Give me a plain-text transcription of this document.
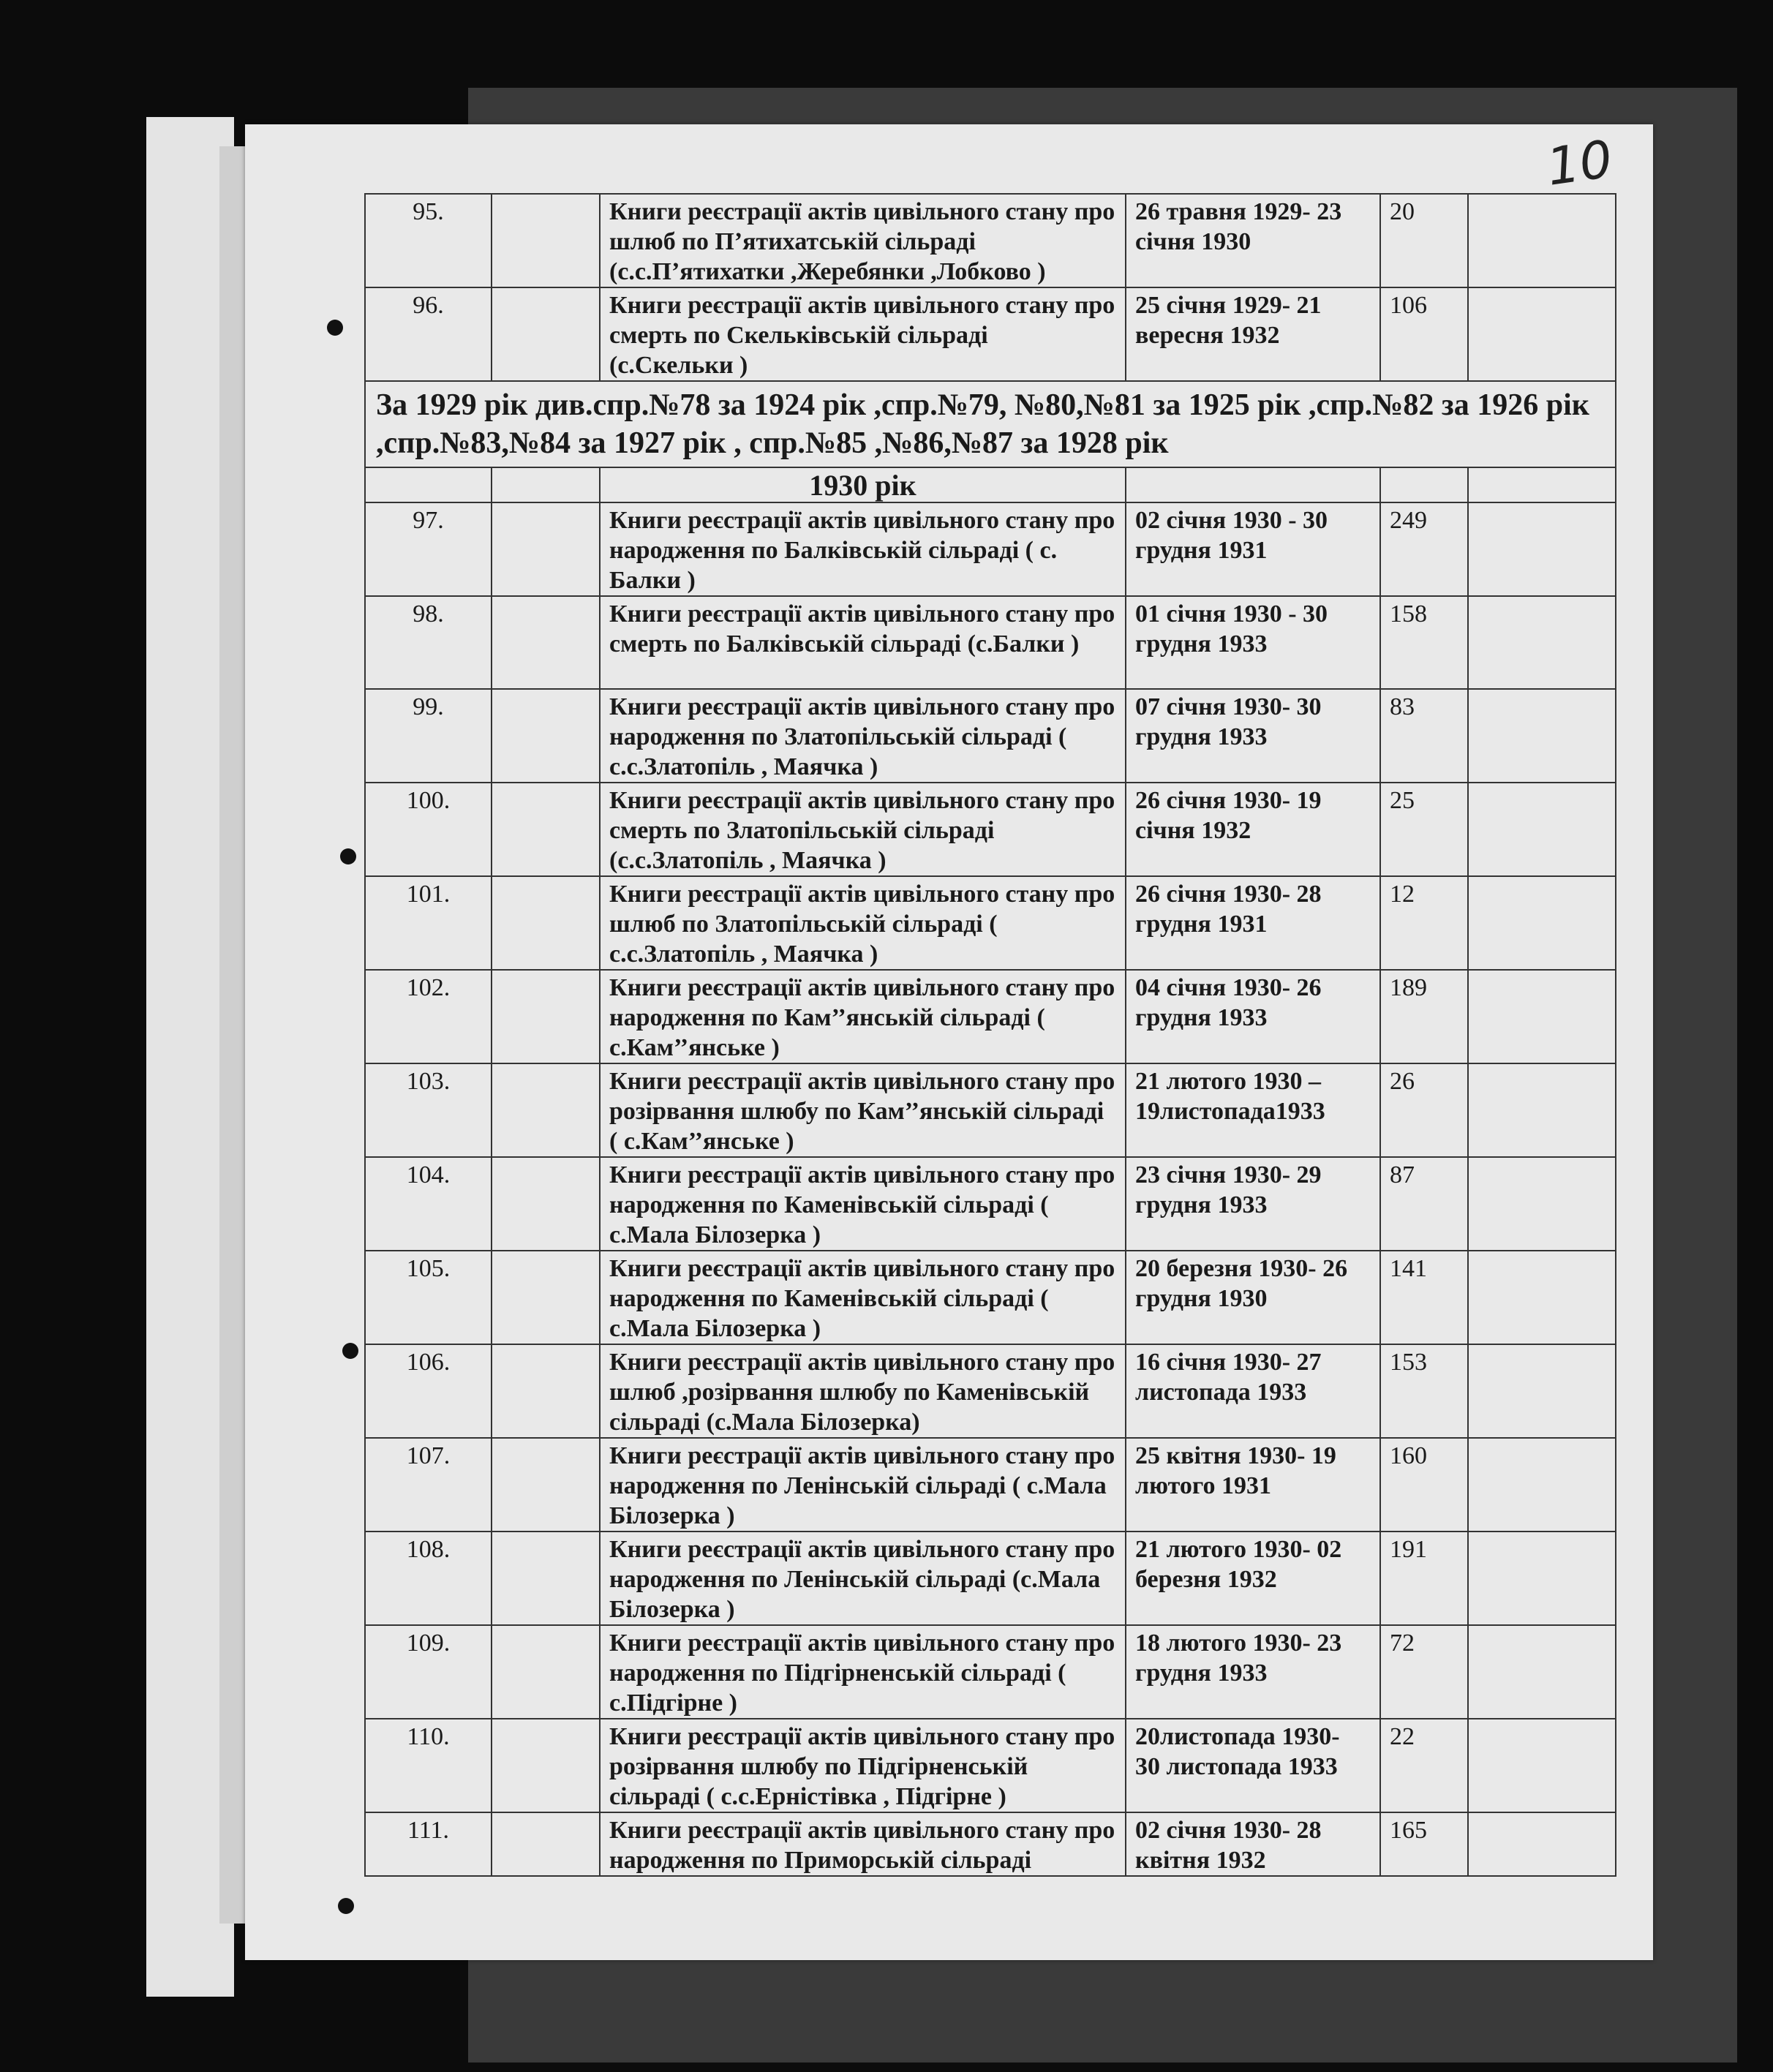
10
95.		Книги реєстрації актів цивільного стану про шлюб по Пʼятихатській сільраді (с.с.Пʼятихатки ,Жеребянки ,Лобково )	26 травня 1929- 23 січня 1930	20	
96.		Книги реєстрації актів цивільного стану про смерть по Скельківській сільраді (с.Скельки )	25 січня 1929- 21 вересня 1932	106	
За 1929 рік див.спр.№78 за 1924 рік ,спр.№79, №80,№81 за 1925 рік ,спр.№82 за 1926 рік ,спр.№83,№84 за 1927 рік , спр.№85 ,№86,№87 за 1928 рік					
		1930 рік			
97.		Книги реєстрації актів цивільного стану про народження по Балківській сільраді ( с. Балки )	02 січня 1930 - 30 грудня 1931	249	
98.		Книги реєстрації актів цивільного стану про смерть по Балківській сільраді (с.Балки )	01 січня 1930 - 30 грудня 1933	158	
99.		Книги реєстрації актів цивільного стану про народження по Златопільській сільраді ( с.с.Златопіль , Маячка )	07 січня 1930- 30 грудня 1933	83	
100.		Книги реєстрації актів цивільного стану про смерть по Златопільській сільраді (с.с.Златопіль , Маячка )	26 січня 1930- 19 січня 1932	25	
101.		Книги реєстрації актів цивільного стану про шлюб по Златопільській сільраді ( с.с.Златопіль , Маячка )	26 січня 1930- 28 грудня 1931	12	
102.		Книги реєстрації актів цивільного стану про народження по Кам’’янській сільраді ( с.Кам’’янське )	04 січня 1930- 26 грудня 1933	189	
103.		Книги реєстрації актів цивільного стану про розірвання шлюбу по Кам’’янській сільраді ( с.Кам’’янське )	21 лютого 1930 – 19листопада1933	26	
104.		Книги реєстрації актів цивільного стану про народження по Каменівській сільраді ( с.Мала Білозерка )	23 січня 1930- 29 грудня 1933	87	
105.		Книги реєстрації актів цивільного стану про народження по Каменівській сільраді ( с.Мала Білозерка )	20 березня 1930- 26 грудня 1930	141	
106.		Книги реєстрації актів цивільного стану про шлюб ,розірвання шлюбу по Каменівській сільраді (с.Мала Білозерка)	16 січня 1930- 27 листопада 1933	153	
107.		Книги реєстрації актів цивільного стану про народження по Ленінській сільраді ( с.Мала Білозерка )	25 квітня 1930- 19 лютого 1931	160	
108.		Книги реєстрації актів цивільного стану про народження по Ленінській сільраді (с.Мала Білозерка )	21 лютого 1930- 02 березня 1932	191	
109.		Книги реєстрації актів цивільного стану про народження по Підгірненській сільраді ( с.Підгірне )	18 лютого 1930- 23 грудня 1933	72	
110.		Книги реєстрації актів цивільного стану про розірвання шлюбу по Підгірненській сільраді ( с.с.Ерністівка , Підгірне )	20листопада 1930- 30 листопада 1933	22	
111.		Книги реєстрації актів цивільного стану про народження по Приморській сільраді	02 січня 1930- 28 квітня 1932	165	
